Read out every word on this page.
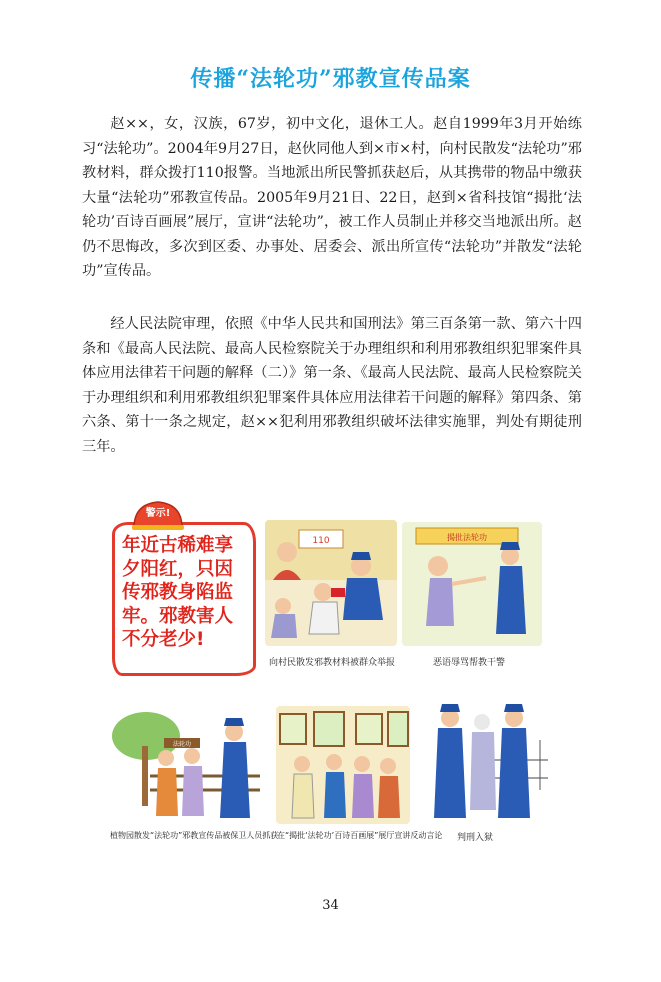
传播“法轮功”邪教宣传品案

赵××，女，汉族，67岁，初中文化，退休工人。赵自1999年3月开始练习“法轮功”。2004年9月27日，赵伙同他人到×市×村，向村民散发“法轮功”邪教材料，群众拨打110报警。当地派出所民警抓获赵后，从其携带的物品中缴获大量“法轮功”邪教宣传品。2005年9月21日、22日，赵到×省科技馆“揭批‘法轮功’百诗百画展”展厅，宣讲“法轮功”，被工作人员制止并移交当地派出所。赵仍不思悔改，多次到区委、办事处、居委会、派出所宣传“法轮功”并散发“法轮功”宣传品。

经人民法院审理，依照《中华人民共和国刑法》第三百条第一款、第六十四条和《最高人民法院、最高人民检察院关于办理组织和利用邪教组织犯罪案件具体应用法律若干问题的解释（二）》第一条、《最高人民法院、最高人民检察院关于办理组织和利用邪教组织犯罪案件具体应用法律若干问题的解释》第四条、第六条、第十一条之规定，赵××犯利用邪教组织破坏法律实施罪，判处有期徒刑三年。

警示!
年近古稀难享夕阳红，只因传邪教身陷监牢。邪教害人不分老少!
110
向村民散发邪教材料被群众举报
揭批法轮功
恶语辱骂帮教干警
法轮功
植物园散发“法轮功”邪教宣传品被保卫人员抓获
在“揭批‘法轮功’百诗百画展”展厅宣讲反动言论 判刑入狱
34
